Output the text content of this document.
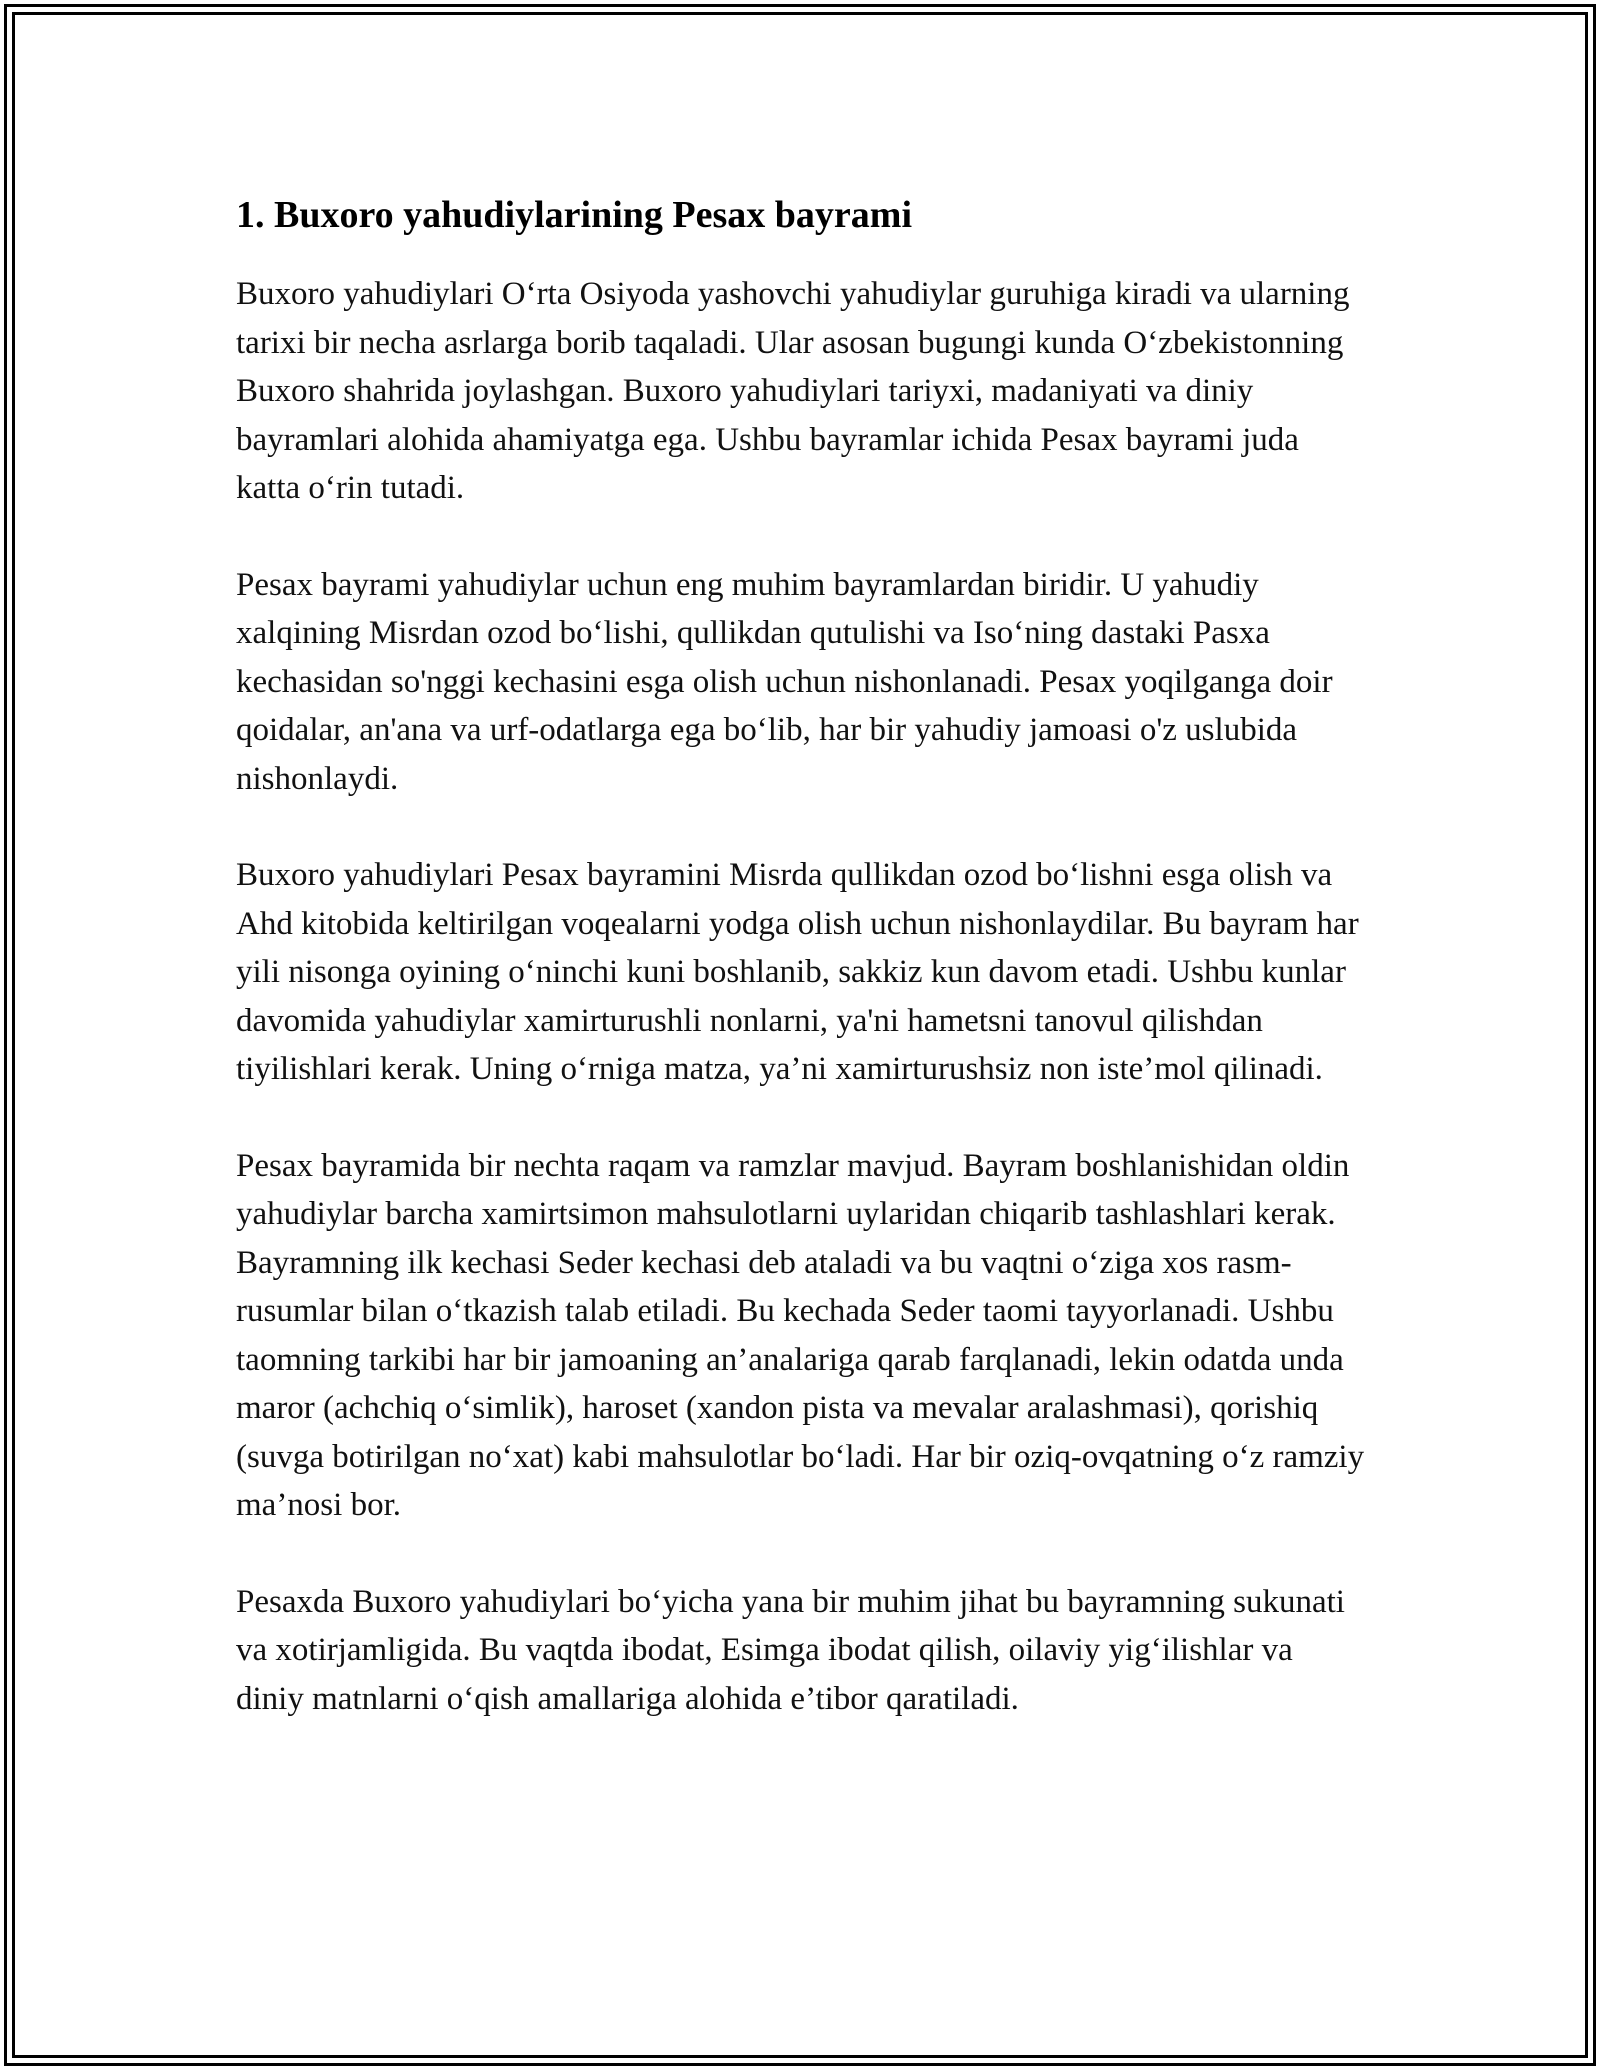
1. Buxoro yahudiylarining Pesax bayrami

Buxoro yahudiylari O‘rta Osiyoda yashovchi yahudiylar guruhiga kiradi va ularning tarixi bir necha asrlarga borib taqaladi. Ular asosan bugungi kunda O‘zbekistonning Buxoro shahrida joylashgan. Buxoro yahudiylari tariyxi, madaniyati va diniy bayramlari alohida ahamiyatga ega. Ushbu bayramlar ichida Pesax bayrami juda katta o‘rin tutadi.

Pesax bayrami yahudiylar uchun eng muhim bayramlardan biridir. U yahudiy xalqining Misrdan ozod bo‘lishi, qullikdan qutulishi va Iso‘ning dastaki Pasxa kechasidan so'nggi kechasini esga olish uchun nishonlanadi. Pesax yoqilganga doir qoidalar, an'ana va urf-odatlarga ega bo‘lib, har bir yahudiy jamoasi o'z uslubida nishonlaydi.

Buxoro yahudiylari Pesax bayramini Misrda qullikdan ozod bo‘lishni esga olish va Ahd kitobida keltirilgan voqealarni yodga olish uchun nishonlaydilar. Bu bayram har yili nisonga oyining o‘ninchi kuni boshlanib, sakkiz kun davom etadi. Ushbu kunlar davomida yahudiylar xamirturushli nonlarni, ya'ni hametsni tanovul qilishdan tiyilishlari kerak. Uning o‘rniga matza, ya’ni xamirturushsiz non iste’mol qilinadi.

Pesax bayramida bir nechta raqam va ramzlar mavjud. Bayram boshlanishidan oldin yahudiylar barcha xamirtsimon mahsulotlarni uylaridan chiqarib tashlashlari kerak. Bayramning ilk kechasi Seder kechasi deb ataladi va bu vaqtni o‘ziga xos rasm-rusumlar bilan o‘tkazish talab etiladi. Bu kechada Seder taomi tayyorlanadi. Ushbu taomning tarkibi har bir jamoaning an’analariga qarab farqlanadi, lekin odatda unda maror (achchiq o‘simlik), haroset (xandon pista va mevalar aralashmasi), qorishiq (suvga botirilgan no‘xat) kabi mahsulotlar bo‘ladi. Har bir oziq-ovqatning o‘z ramziy ma’nosi bor.

Pesaxda Buxoro yahudiylari bo‘yicha yana bir muhim jihat bu bayramning sukunati va xotirjamligida. Bu vaqtda ibodat, Esimga ibodat qilish, oilaviy yig‘ilishlar va diniy matnlarni o‘qish amallariga alohida e’tibor qaratiladi.
